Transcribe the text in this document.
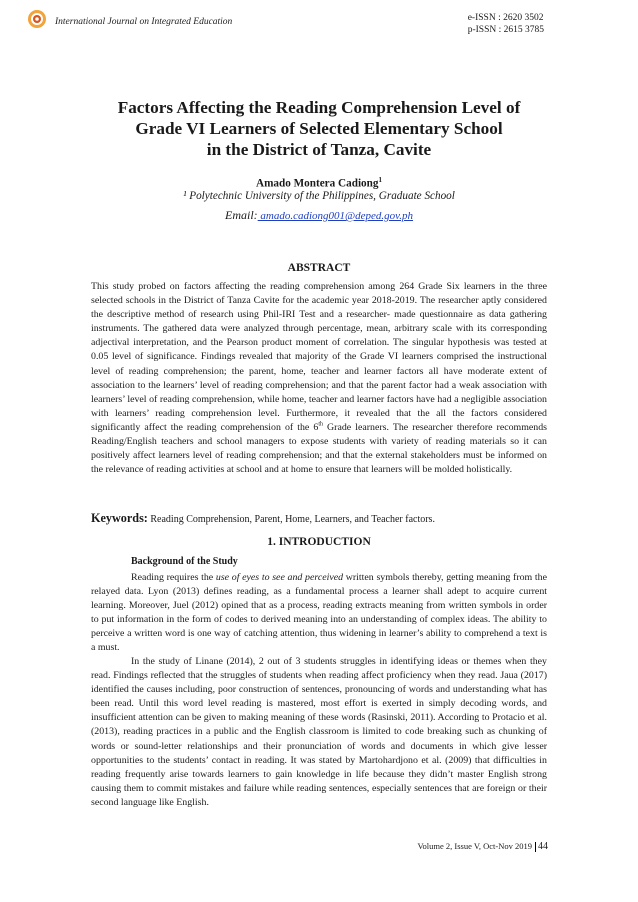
International Journal on Integrated Education	e-ISSN : 2620 3502
p-ISSN : 2615 3785
Factors Affecting the Reading Comprehension Level of
Grade VI Learners of Selected Elementary School
in the District of Tanza, Cavite
Amado Montera Cadiong$^1$
¹ Polytechnic University of the Philippines, Graduate School
Email: amado.cadiong001@deped.gov.ph
ABSTRACT

This study probed on factors affecting the reading comprehension among 264 Grade Six learners in the three selected schools in the District of Tanza Cavite for the academic year 2018-2019. The researcher aptly considered the descriptive method of research using Phil-IRI Test and a researcher- made questionnaire as data gathering instruments. The gathered data were analyzed through percentage, mean, arbitrary scale with its corresponding adjectival interpretation, and the Pearson product moment of correlation. The singular hypothesis was tested at 0.05 level of significance. Findings revealed that majority of the Grade VI learners comprised the instructional level of reading comprehension; the parent, home, teacher and learner factors all have moderate extent of association to the learners’ level of reading comprehension; and that the parent factor had a weak association with learners’ level of reading comprehension, while home, teacher and learner factors have had a negligible association with learners’ reading comprehension level. Furthermore, it revealed that the all the factors considered significantly affect the reading comprehension of the 6th Grade learners. The researcher therefore recommends Reading/English teachers and school managers to expose students with variety of reading materials so it can positively affect learners level of reading comprehension; and that the external stakeholders must be informed on the relevance of reading activities at school and at home to ensure that learners will be molded holistically.

Keywords: Reading Comprehension, Parent, Home, Learners, and Teacher factors.
1. INTRODUCTION
Background of the Study

Reading requires the use of eyes to see and perceived written symbols thereby, getting meaning from the relayed data. Lyon (2013) defines reading, as a fundamental process a learner shall adept to acquire current learning. Moreover, Juel (2012) opined that as a process, reading extracts meaning from written symbols in order to put information in the form of codes to derived meaning into an understanding of complex ideas. The ability to perceive a written word is one way of catching attention, thus widening in learner’s ability to comprehend a text is a must.

In the study of Linane (2014), 2 out of 3 students struggles in identifying ideas or themes when they read. Findings reflected that the struggles of students when reading affect proficiency when they read. Jaua (2017) identified the causes including, poor construction of sentences, pronouncing of words and understanding what has been read. Until this word level reading is mastered, most effort is exerted in simply decoding words, and insufficient attention can be given to making meaning of these words (Rasinski, 2011). According to Protacio et al. (2013), reading practices in a public and the English classroom is limited to code breaking such as chunking of words or sound-letter relationships and their pronunciation of words and documents in which give lesser opportunities to the students’ contact in reading. It was stated by Martohardjono et al. (2009) that difficulties in reading frequently arise towards learners to gain knowledge in life because they didn’t master English strong causing them to commit mistakes and failure while reading sentences, especially sentences that are foreign or their second language like English.

Volume 2, Issue V, Oct-Nov 2019 44
